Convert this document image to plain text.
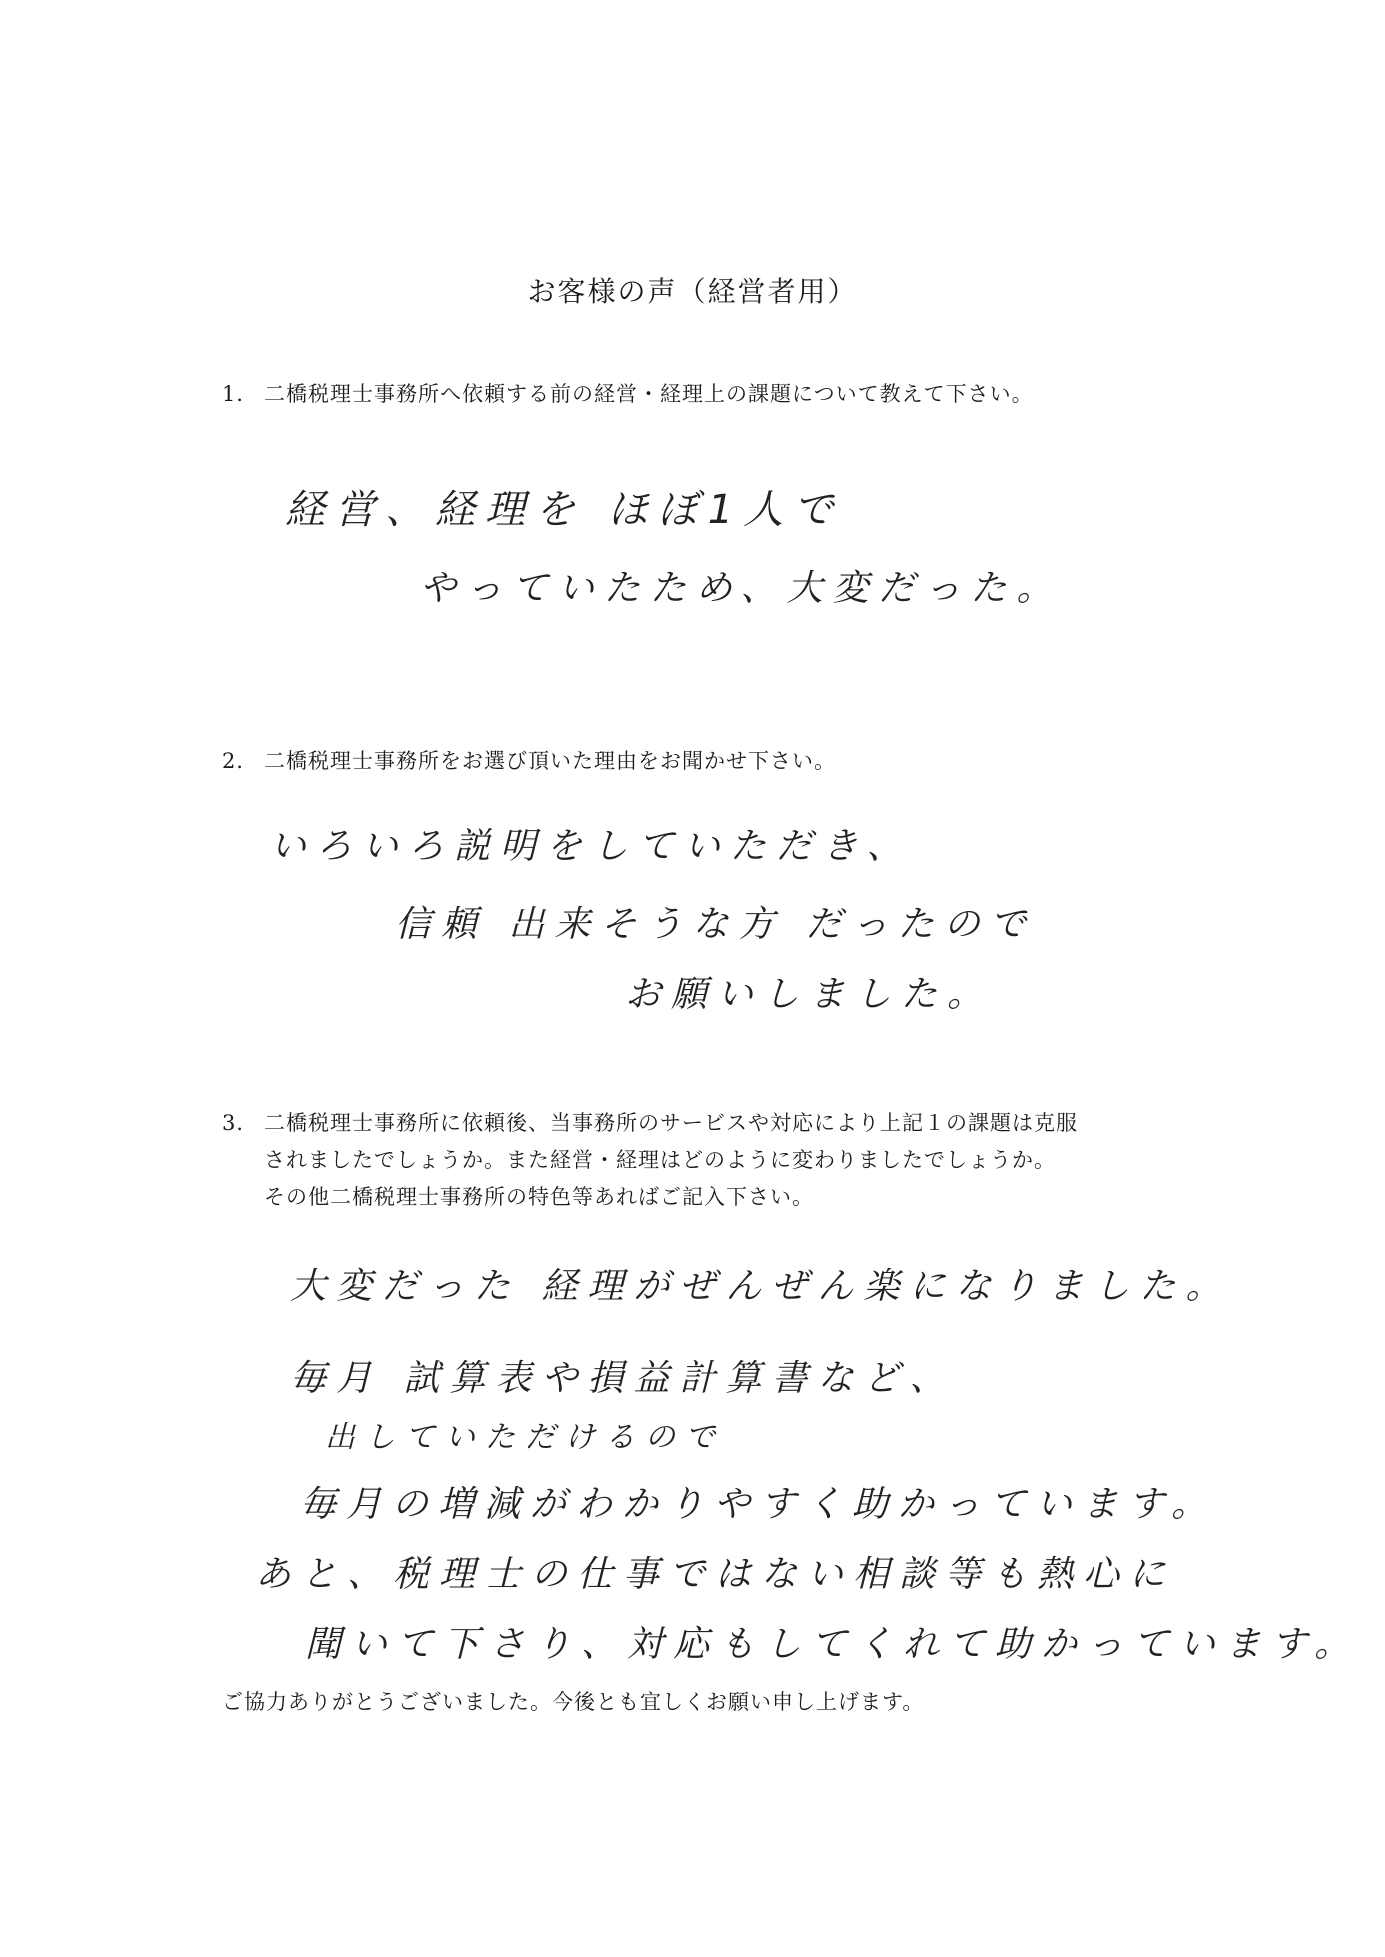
お客様の声（経営者用）
1． 二橋税理士事務所へ依頼する前の経営・経理上の課題について教えて下さい。
経営、経理を ほぼ1人で
やっていたため、大変だった。
2． 二橋税理士事務所をお選び頂いた理由をお聞かせ下さい。
いろいろ説明をしていただき、
信頼 出来そうな方 だったので
お願いしました。
3． 二橋税理士事務所に依頼後、当事務所のサービスや対応により上記１の課題は克服
されましたでしょうか。また経営・経理はどのように変わりましたでしょうか。
その他二橋税理士事務所の特色等あればご記入下さい。
大変だった 経理がぜんぜん楽になりました。
毎月 試算表や損益計算書など、
出していただけるので
毎月の増減がわかりやすく助かっています。
あと、税理士の仕事ではない相談等も熱心に
聞いて下さり、対応もしてくれて助かっています。
ご協力ありがとうございました。今後とも宜しくお願い申し上げます。
